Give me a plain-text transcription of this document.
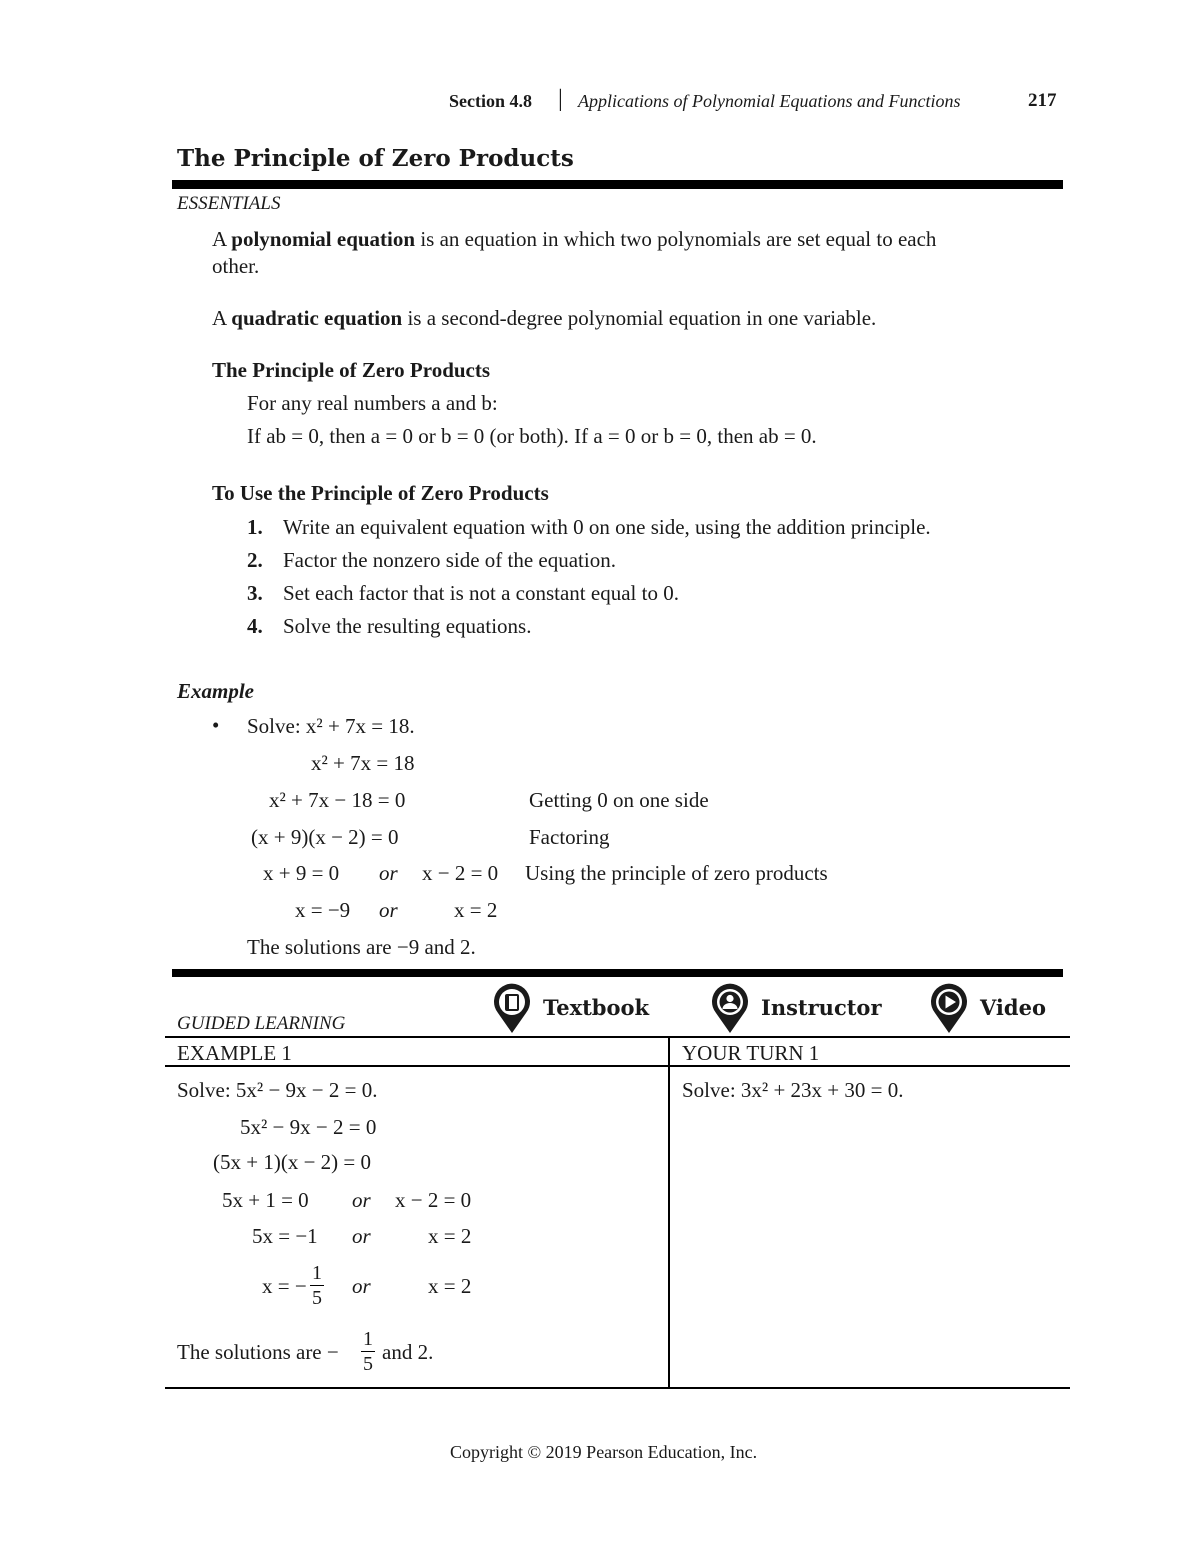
Section 4.8 | Applications of Polynomial Equations and Functions	217
The Principle of Zero Products
ESSENTIALS
A polynomial equation is an equation in which two polynomials are set equal to each
other.
A quadratic equation is a second-degree polynomial equation in one variable.
The Principle of Zero Products
For any real numbers a and b:
If ab = 0, then a = 0 or b = 0 (or both). If a = 0 or b = 0, then ab = 0.
To Use the Principle of Zero Products
1. Write an equivalent equation with 0 on one side, using the addition principle.
2. Factor the nonzero side of the equation.
3. Set each factor that is not a constant equal to 0.
4. Solve the resulting equations.
Example
• Solve: x² + 7x = 18.
x² + 7x = 18
x² + 7x − 18 = 0	Getting 0 on one side
(x + 9)(x − 2) = 0	Factoring
x + 9 = 0 or x − 2 = 0 Using the principle of zero products
x = −9 or	x = 2
The solutions are −9 and 2.
GUIDED LEARNING
Textbook	Instructor	Video
EXAMPLE 1	YOUR TURN 1
Solve: 5x² − 9x − 2 = 0.
5x² − 9x − 2 = 0
(5x + 1)(x − 2) = 0
5x + 1 = 0 or x − 2 = 0
5x = −1 or	x = 2
x = − $\frac{1}{5}$ or	x = 2
The solutions are − $\frac{1}{5}$ and 2.
Solve: 3x² + 23x + 30 = 0.
Copyright © 2019 Pearson Education, Inc.
